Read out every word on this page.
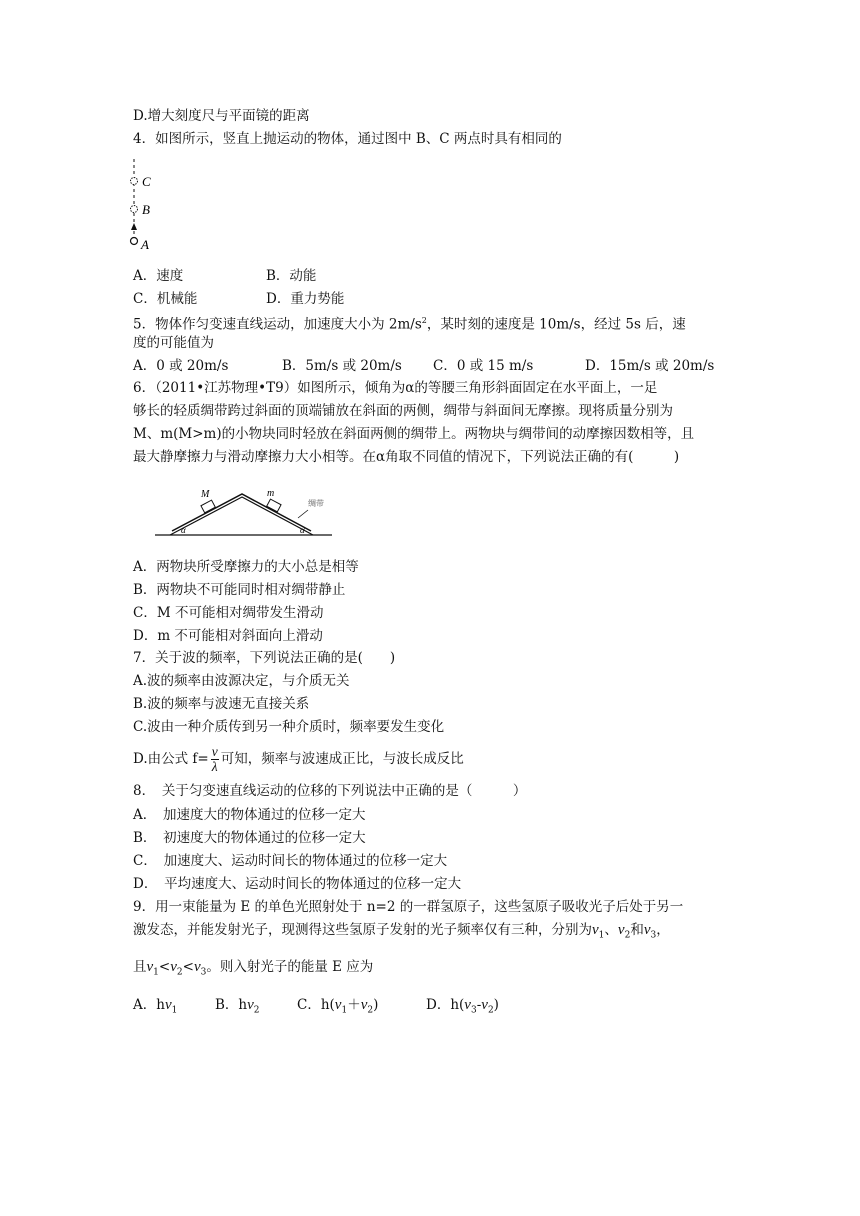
D.增大刻度尺与平面镜的距离
4．如图所示，竖直上抛运动的物体，通过图中 B、C 两点时具有相同的
C
B
A
A．速度	B．动能
C．机械能	D．重力势能
5．物体作匀变速直线运动，加速度大小为 $2m/s^2$，某时刻的速度是 10m/s，经过 5s 后，速
度的可能值为
A．0 或 20m/s	B．5m/s 或 20m/s C．0 或 15 m/s	D．15m/s 或 20m/s
6．（2011•江苏物理•T9）如图所示，倾角为α的等腰三角形斜面固定在水平面上，一足
够长的轻质绸带跨过斜面的顶端铺放在斜面的两侧，绸带与斜面间无摩擦。现将质量分别为
M、m(M>m)的小物块同时轻放在斜面两侧的绸带上。两物块与绸带间的动摩擦因数相等，且
最大静摩擦力与滑动摩擦力大小相等。在α角取不同值的情况下，下列说法正确的有(　　　)
M	m
绸带
α	α
A．两物块所受摩擦力的大小总是相等
B．两物块不可能同时相对绸带静止
C．M 不可能相对绸带发生滑动
D．m 不可能相对斜面向上滑动
7．关于波的频率，下列说法正确的是(　　)
A.波的频率由波源决定，与介质无关
B.波的频率与波速无直接关系
C.波由一种介质传到另一种介质时，频率要发生变化
D.由公式 $f= \frac{v}{\lambda}$ 可知，频率与波速成正比，与波长成反比
8．　关于匀变速直线运动的位移的下列说法中正确的是（　　　）
A．　加速度大的物体通过的位移一定大
B．　初速度大的物体通过的位移一定大
C．　加速度大、运动时间长的物体通过的位移一定大
D．　平均速度大、运动时间长的物体通过的位移一定大
9．用一束能量为 E 的单色光照射处于 n=2 的一群氢原子，这些氢原子吸收光子后处于另一
激发态，并能发射光子，现测得这些氢原子发射的光子频率仅有三种，分别为$\nu_1$、$\nu_2$和$\nu_3$，
且$\nu_1<\nu_2<\nu_3$。则入射光子的能量 E 应为
A．$h\nu_1$	B．$h\nu_2$	C．$h(\nu_1+\nu_2)$	D．$h(\nu_3-\nu_2)$
